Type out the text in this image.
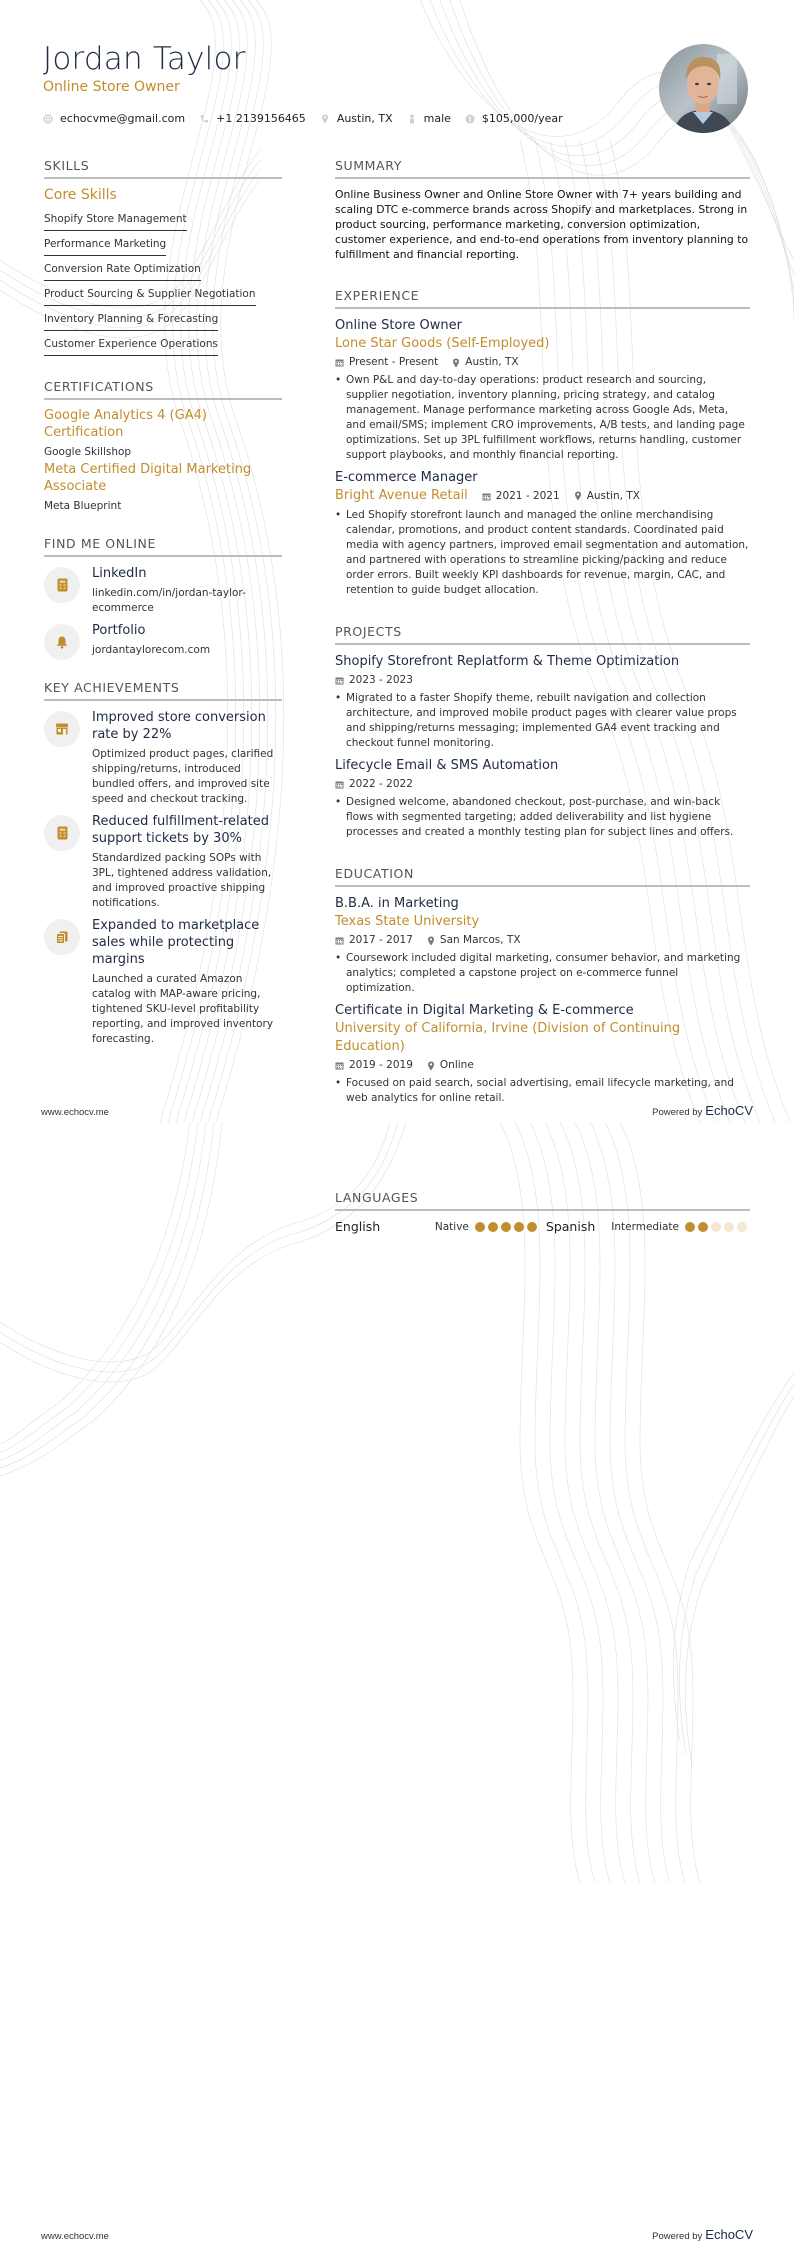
Jordan Taylor
Online Store Owner
echocvme@gmail.com	+1 2139156465	Austin, TX	male	$105,000/year
SKILLS
Core Skills
Shopify Store Management
Performance Marketing
Conversion Rate Optimization
Product Sourcing & Supplier Negotiation
Inventory Planning & Forecasting
Customer Experience Operations
CERTIFICATIONS
Google Analytics 4 (GA4) Certification
Google Skillshop
Meta Certified Digital Marketing Associate
Meta Blueprint
FIND ME ONLINE
LinkedIn
linkedin.com/in/jordan-taylor-ecommerce
Portfolio
jordantaylorecom.com
KEY ACHIEVEMENTS
Improved store conversion rate by 22%
Optimized product pages, clarified shipping/returns, introduced bundled offers, and improved site speed and checkout tracking.
Reduced fulfillment-related support tickets by 30%
Standardized packing SOPs with 3PL, tightened address validation, and improved proactive shipping notifications.
Expanded to marketplace sales while protecting margins
Launched a curated Amazon catalog with MAP-aware pricing, tightened SKU-level profitability reporting, and improved inventory forecasting.
SUMMARY
Online Business Owner and Online Store Owner with 7+ years building and scaling DTC e-commerce brands across Shopify and marketplaces. Strong in product sourcing, performance marketing, conversion optimization, customer experience, and end-to-end operations from inventory planning to fulfillment and financial reporting.
EXPERIENCE
Online Store Owner
Lone Star Goods (Self-Employed)
Present - Present	Austin, TX
• Own P&L and day-to-day operations: product research and sourcing, supplier negotiation, inventory planning, pricing strategy, and catalog management. Manage performance marketing across Google Ads, Meta, and email/SMS; implement CRO improvements, A/B tests, and landing page optimizations. Set up 3PL fulfillment workflows, returns handling, customer support playbooks, and monthly financial reporting.
E-commerce Manager
Bright Avenue Retail	2021 - 2021	Austin, TX
• Led Shopify storefront launch and managed the online merchandising calendar, promotions, and product content standards. Coordinated paid media with agency partners, improved email segmentation and automation, and partnered with operations to streamline picking/packing and reduce order errors. Built weekly KPI dashboards for revenue, margin, CAC, and retention to guide budget allocation.
PROJECTS
Shopify Storefront Replatform & Theme Optimization
2023 - 2023
• Migrated to a faster Shopify theme, rebuilt navigation and collection architecture, and improved mobile product pages with clearer value props and shipping/returns messaging; implemented GA4 event tracking and checkout funnel monitoring.
Lifecycle Email & SMS Automation
2022 - 2022
• Designed welcome, abandoned checkout, post-purchase, and win-back flows with segmented targeting; added deliverability and list hygiene processes and created a monthly testing plan for subject lines and offers.
EDUCATION
B.B.A. in Marketing
Texas State University
2017 - 2017	San Marcos, TX
• Coursework included digital marketing, consumer behavior, and marketing analytics; completed a capstone project on e-commerce funnel optimization.
Certificate in Digital Marketing & E-commerce
University of California, Irvine (Division of Continuing Education)
2019 - 2019	Online
• Focused on paid search, social advertising, email lifecycle marketing, and web analytics for online retail.
www.echocv.me	Powered by EchoCV
LANGUAGES
English	Native	Spanish Intermediate
www.echocv.me	Powered by EchoCV
